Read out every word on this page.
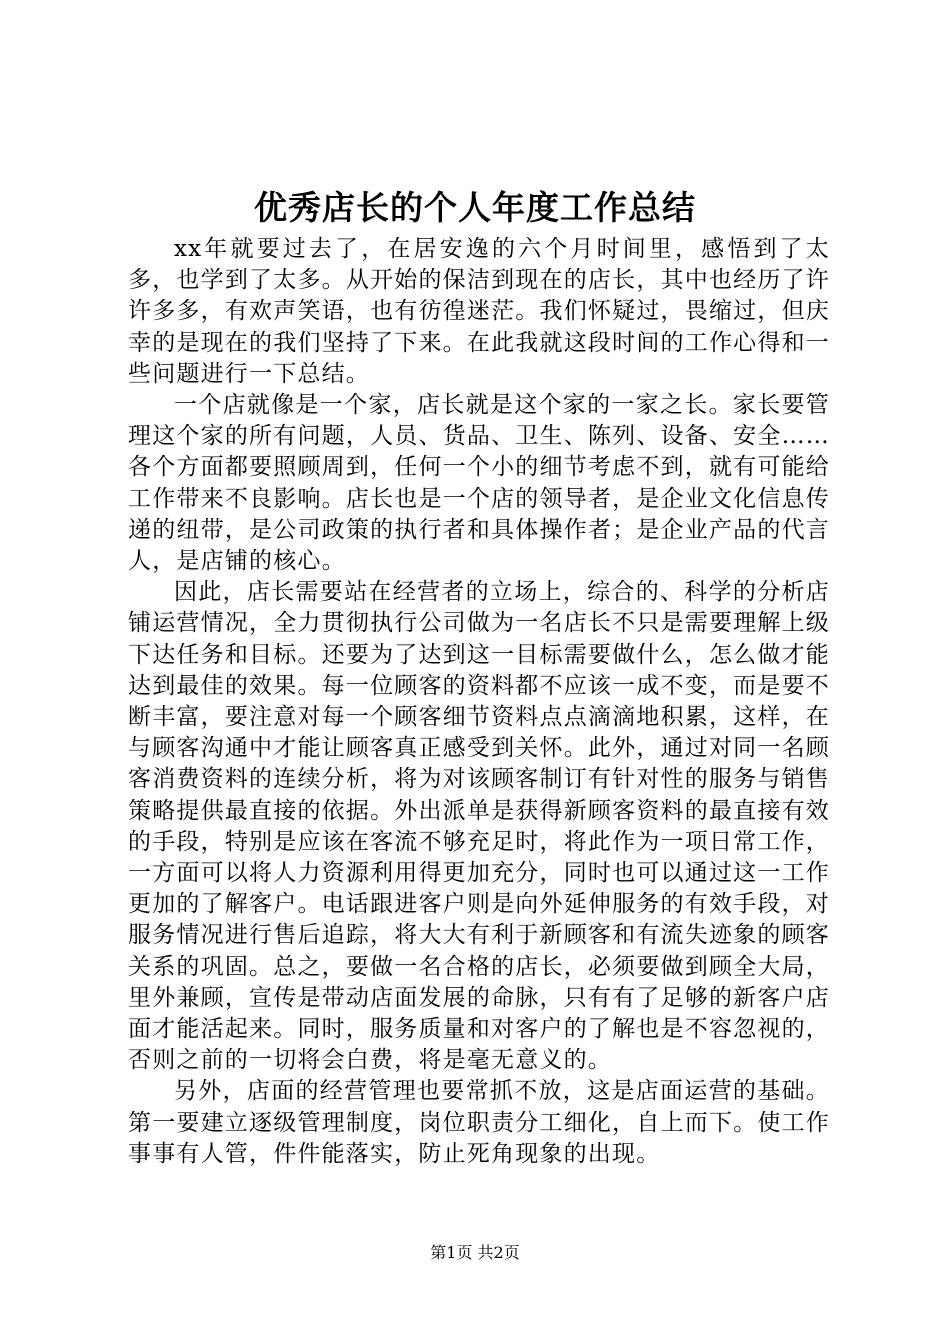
优秀店长的个人年度工作总结

xx年就要过去了，在居安逸的六个月时间里，感悟到了太多，也学到了太多。从开始的保洁到现在的店长，其中也经历了许许多多，有欢声笑语，也有彷徨迷茫。我们怀疑过，畏缩过，但庆幸的是现在的我们坚持了下来。在此我就这段时间的工作心得和一些问题进行一下总结。

一个店就像是一个家，店长就是这个家的一家之长。家长要管理这个家的所有问题，人员、货品、卫生、陈列、设备、安全……各个方面都要照顾周到，任何一个小的细节考虑不到，就有可能给工作带来不良影响。店长也是一个店的领导者，是企业文化信息传递的纽带，是公司政策的执行者和具体操作者；是企业产品的代言人，是店铺的核心。

因此，店长需要站在经营者的立场上，综合的、科学的分析店铺运营情况，全力贯彻执行公司做为一名店长不只是需要理解上级下达任务和目标。还要为了达到这一目标需要做什么，怎么做才能达到最佳的效果。每一位顾客的资料都不应该一成不变，而是要不断丰富，要注意对每一个顾客细节资料点点滴滴地积累，这样，在与顾客沟通中才能让顾客真正感受到关怀。此外，通过对同一名顾客消费资料的连续分析，将为对该顾客制订有针对性的服务与销售策略提供最直接的依据。外出派单是获得新顾客资料的最直接有效的手段，特别是应该在客流不够充足时，将此作为一项日常工作，一方面可以将人力资源利用得更加充分，同时也可以通过这一工作更加的了解客户。电话跟进客户则是向外延伸服务的有效手段，对服务情况进行售后追踪，将大大有利于新顾客和有流失迹象的顾客关系的巩固。总之，要做一名合格的店长，必须要做到顾全大局，里外兼顾，宣传是带动店面发展的命脉，只有有了足够的新客户店面才能活起来。同时，服务质量和对客户的了解也是不容忽视的，否则之前的一切将会白费，将是毫无意义的。

另外，店面的经营管理也要常抓不放，这是店面运营的基础。第一要建立逐级管理制度，岗位职责分工细化，自上而下。使工作事事有人管，件件能落实，防止死角现象的出现。

第1页 共2页
